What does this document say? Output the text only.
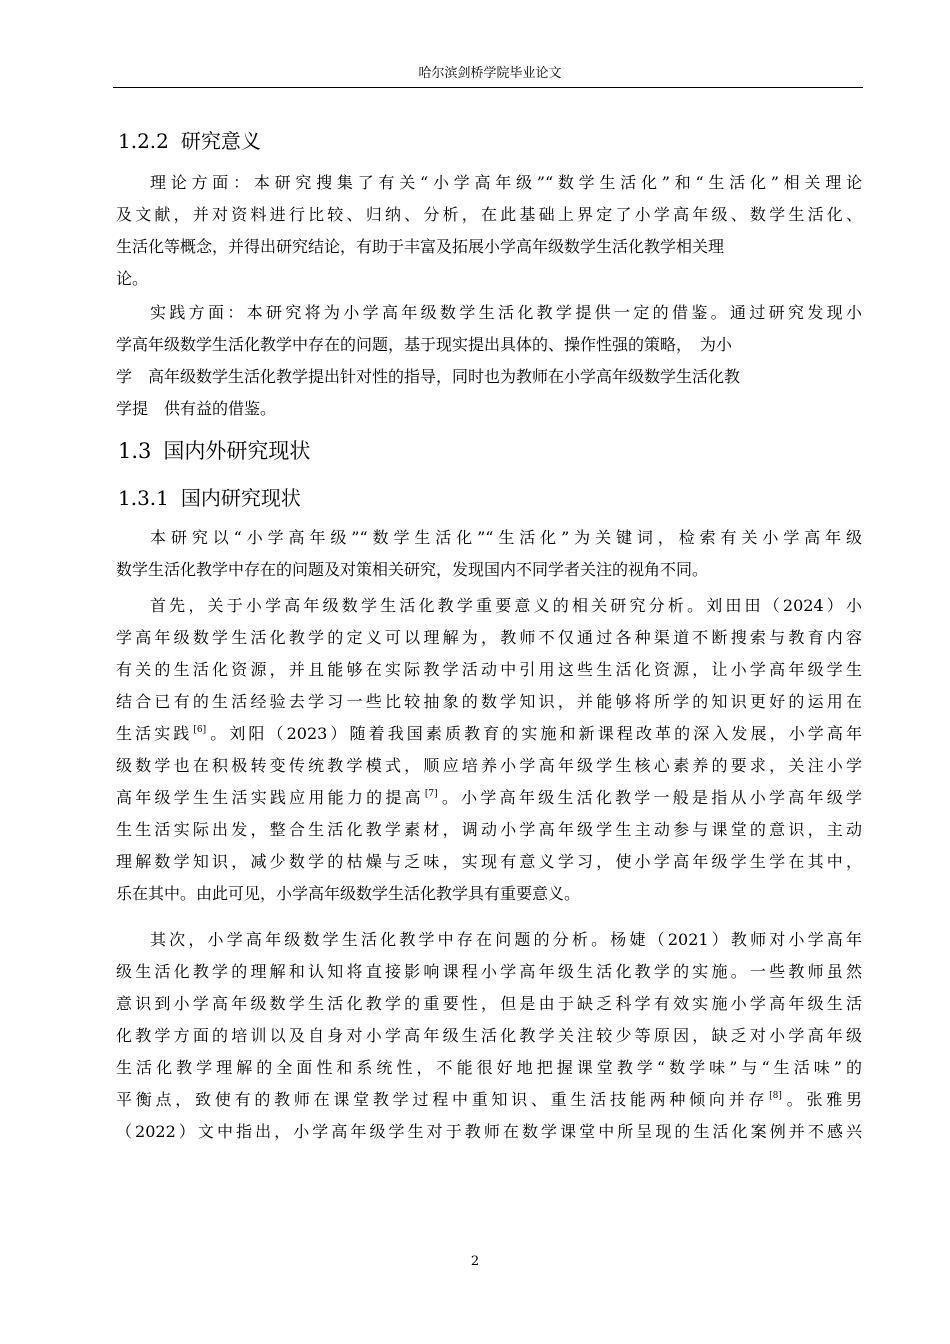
哈尔滨剑桥学院毕业论文
1.2.2 研究意义
理论方面：本研究搜集了有关“小学高年级”“数学生活化”和“生活化”相关理论
及文献，并对资料进行比较、归纳、分析，在此基础上界定了小学高年级、数学生活化、
生活化等概念，并得出研究结论，有助于丰富及拓展小学高年级数学生活化教学相关理
论。
实践方面：本研究将为小学高年级数学生活化教学提供一定的借鉴。通过研究发现小
学高年级数学生活化教学中存在的问题，基于现实提出具体的、操作性强的策略，　为小
学　高年级数学生活化教学提出针对性的指导，同时也为教师在小学高年级数学生活化教
学提　供有益的借鉴。
1.3 国内外研究现状
1.3.1 国内研究现状
本研究以“小学高年级”“数学生活化”“生活化”为关键词，检索有关小学高年级
数学生活化教学中存在的问题及对策相关研究，发现国内不同学者关注的视角不同。
首先，关于小学高年级数学生活化教学重要意义的相关研究分析。刘田田（2024）小
学高年级数学生活化教学的定义可以理解为，教师不仅通过各种渠道不断搜索与教育内容
有关的生活化资源，并且能够在实际教学活动中引用这些生活化资源，让小学高年级学生
结合已有的生活经验去学习一些比较抽象的数学知识，并能够将所学的知识更好的运用在
生活实践[6]。刘阳（2023）随着我国素质教育的实施和新课程改革的深入发展，小学高年
级数学也在积极转变传统教学模式，顺应培养小学高年级学生核心素养的要求，关注小学
高年级学生生活实践应用能力的提高[7]。小学高年级生活化教学一般是指从小学高年级学
生生活实际出发，整合生活化教学素材，调动小学高年级学生主动参与课堂的意识，主动
理解数学知识，减少数学的枯燥与乏味，实现有意义学习，使小学高年级学生学在其中，
乐在其中。由此可见，小学高年级数学生活化教学具有重要意义。
其次，小学高年级数学生活化教学中存在问题的分析。杨婕（2021）教师对小学高年
级生活化教学的理解和认知将直接影响课程小学高年级生活化教学的实施。一些教师虽然
意识到小学高年级数学生活化教学的重要性，但是由于缺乏科学有效实施小学高年级生活
化教学方面的培训以及自身对小学高年级生活化教学关注较少等原因，缺乏对小学高年级
生活化教学理解的全面性和系统性，不能很好地把握课堂教学“数学味”与“生活味”的
平衡点，致使有的教师在课堂教学过程中重知识、重生活技能两种倾向并存[8]。张雅男
（2022）文中指出，小学高年级学生对于教师在数学课堂中所呈现的生活化案例并不感兴
2
